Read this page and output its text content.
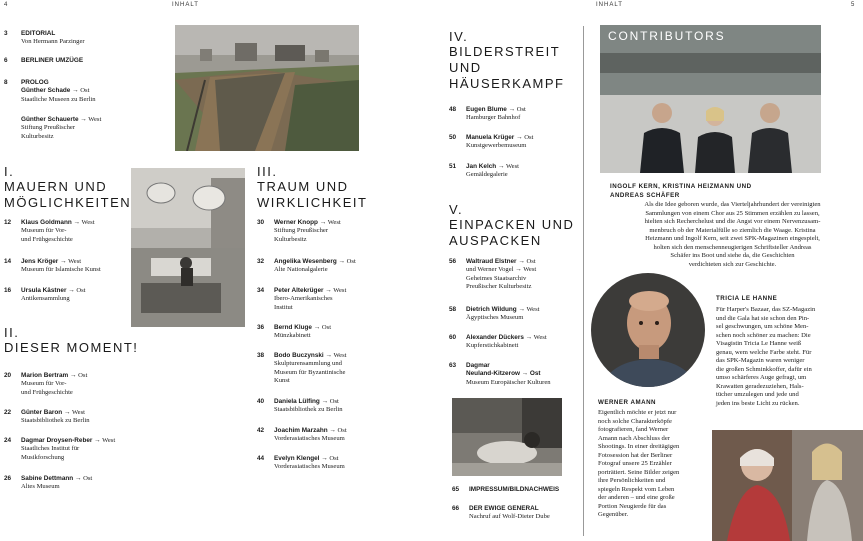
4	INHALT	INHALT	5
3 EDITORIAL
Von Hermann Parzinger
6 BERLINER UMZÜGE
8 PROLOG
Günther Schade → Ost
Staatliche Museen zu Berlin
Günther Schauerte → West
Stiftung Preußischer
Kulturbesitz
I.
MAUERN UND
MÖGLICHKEITEN
12 Klaus Goldmann → West
Museum für Vor-
und Frühgeschichte
14 Jens Kröger → West
Museum für Islamische Kunst
16 Ursula Kästner → Ost
Antikensammlung
II.
DIESER MOMENT!
20 Marion Bertram → Ost
Museum für Vor-
und Frühgeschichte
22 Günter Baron → West
Staatsbibliothek zu Berlin
24 Dagmar Droysen-Reber → West
Staatliches Institut für
Musikforschung
26 Sabine Dettmann → Ost
Altes Museum
III.
TRAUM UND
WIRKLICHKEIT
30 Werner Knopp → West
Stiftung Preußischer
Kulturbesitz
32 Angelika Wesenberg → Ost
Alte Nationalgalerie
34 Peter Altekrüger → West
Ibero-Amerikanisches
Institut
36 Bernd Kluge → Ost
Münzkabinett
38 Bodo Buczynski → West
Skulpturensammlung und
Museum für Byzantinische
Kunst
40 Daniela Lülfing → Ost
Staatsbibliothek zu Berlin
42 Joachim Marzahn → Ost
Vorderasiatisches Museum
44 Evelyn Klengel → Ost
Vorderasiatisches Museum
IV.
BILDERSTREIT
UND
HÄUSERKAMPF
48 Eugen Blume → Ost
Hamburger Bahnhof
50 Manuela Krüger → Ost
Kunstgewerbemuseum
51 Jan Kelch → West
Gemäldegalerie
V.
EINPACKEN UND
AUSPACKEN
56 Waltraud Elstner → Ost
und Werner Vogel → West
Geheimes Staatsarchiv
Preußischer Kulturbesitz
58 Dietrich Wildung → West
Ägyptisches Museum
60 Alexander Dückers → West
Kupferstichkabinett
63 Dagmar
Neuland-Kitzerow → Ost
Museum Europäischer Kulturen
65 IMPRESSUM/BILDNACHWEIS
66 DER EWIGE GENERAL
Nachruf auf Wolf-Dieter Dube
CONTRIBUTORS
INGOLF KERN, KRISTINA HEIZMANN UND
ANDREAS SCHÄFER
Als die Idee geboren wurde, das Vierteljahrhundert der vereinigten
Sammlungen von einem Chor aus 25 Stimmen erzählen zu lassen,
hielten sich Recherchelust und die Angst vor einem Nervenzusam-
menbruch ob der Materialfülle so ziemlich die Waage. Kristina
Heizmann und Ingolf Kern, seit zwei SPK-Magazinen eingespielt,
holten sich den menschenneugierigen Schriftsteller Andreas
Schäfer ins Boot und siehe da, die Geschichten
verdichteten sich zur Geschichte.
TRICIA LE HANNE
Für Harper's Bazaar, das SZ-Magazin
und die Gala hat sie schon den Pin-
sel geschwungen, um schöne Men-
schen noch schöner zu machen: Die
Visagistin Tricia Le Hanne weiß
genau, wem welche Farbe steht. Für
das SPK-Magazin waren weniger
die großen Schminkkoffer, dafür ein
umso schärferes Auge gefragt, um
Krawatten geradezuziehen, Hals-
tücher umzulegen und jede und
jeden ins beste Licht zu rücken.
WERNER AMANN
Eigentlich möchte er jetzt nur
noch solche Charakterköpfe
fotografieren, fand Werner
Amann nach Abschluss der
Shootings. In einer dreitägigen
Fotosession hat der Berliner
Fotograf unsere 25 Erzähler
porträtiert. Seine Bilder zeigen
ihre Persönlichkeiten und
spiegeln Respekt vom Leben
der anderen – und eine große
Portion Neugierde für das
Gegenüber.
